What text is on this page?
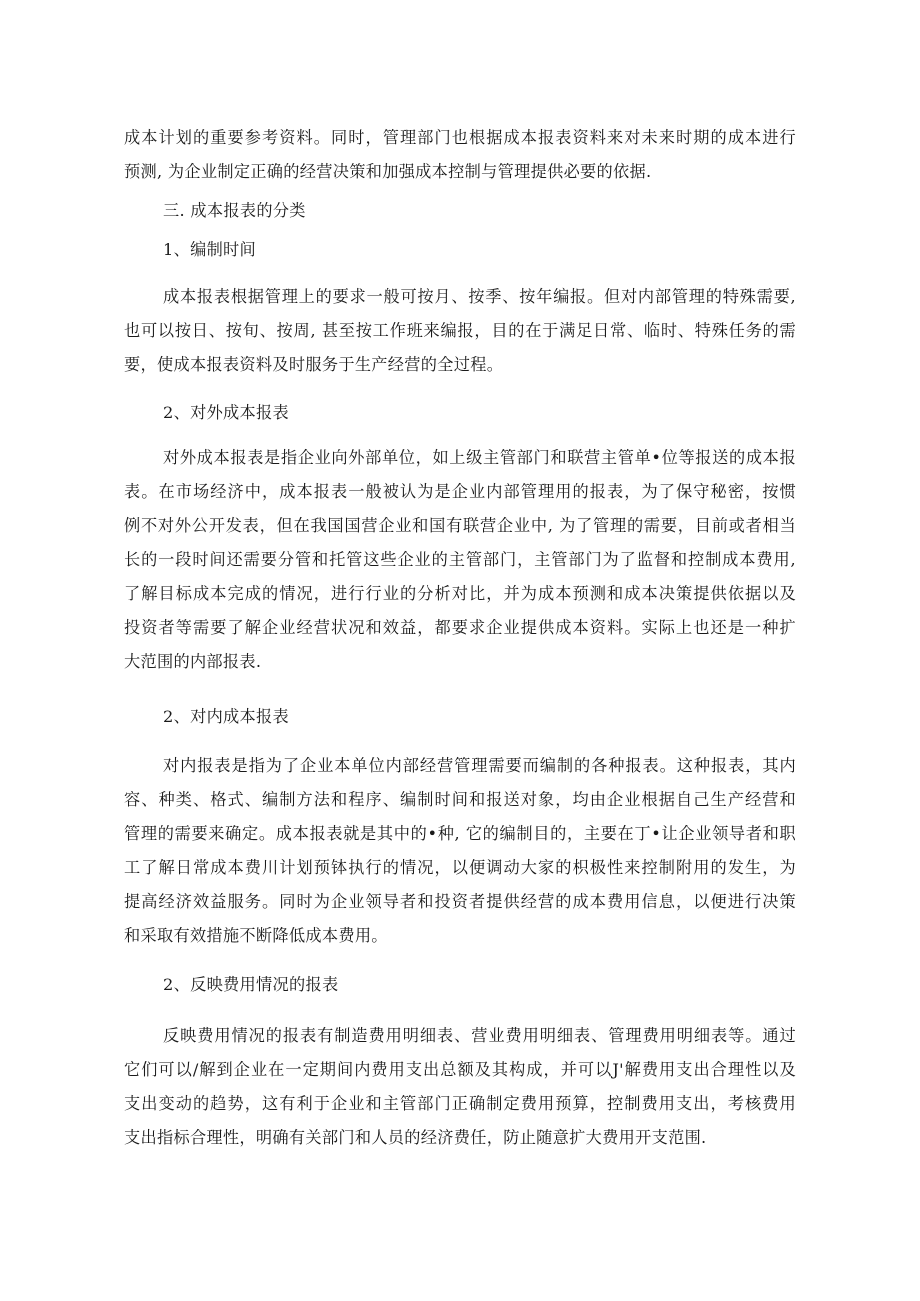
成本计划的重要参考资料。同时，管理部门也根据成本报表资料来对未来时期的成本进行
预测, 为企业制定正确的经营决策和加强成本控制与管理提供必要的依据.
三. 成本报表的分类
1、编制时间
成本报表根据管理上的要求一般可按月、按季、按年编报。但对内部管理的特殊需要,
也可以按日、按旬、按周, 甚至按工作班来编报，目的在于满足日常、临时、特殊任务的需
要，使成本报表资料及时服务于生产经营的全过程。
2、对外成本报表
对外成本报表是指企业向外部单位，如上级主管部门和联营主管单•位等报送的成本报
表。在市场经济中，成本报表一般被认为是企业内部管理用的报表，为了保守秘密，按惯
例不对外公开发表，但在我国国营企业和国有联营企业中, 为了管理的需要，目前或者相当
长的一段时间还需要分管和托管这些企业的主管部门，主管部门为了监督和控制成本费用,
了解目标成本完成的情况，进行行业的分析对比，并为成本预测和成本决策提供依据以及
投资者等需要了解企业经营状况和效益，都要求企业提供成本资料。实际上也还是一种扩
大范围的内部报表.
2、对内成本报表
对内报表是指为了企业本单位内部经营管理需要而编制的各种报表。这种报表，其内
容、种类、格式、编制方法和程序、编制时间和报送对象，均由企业根据自己生产经营和
管理的需要来确定。成本报表就是其中的•种, 它的编制目的，主要在丁•让企业领导者和职
工了解日常成本费川计划预钵执行的情况，以便调动大家的枳极性来控制附用的发生，为
提高经济效益服务。同时为企业领导者和投资者提供经营的成本费用信息，以便进行决策
和采取有效措施不断降低成本费用。
2、反映费用情况的报表
反映费用情况的报表有制造费用明细表、营业费用明细表、管理费用明细表等。通过
它们可以/解到企业在一定期间内费用支出总额及其构成，并可以J'解费用支出合理性以及
支出变动的趋势，这有利于企业和主管部门正确制定费用预算，控制费用支出，考核费用
支出指标合理性，明确有关部门和人员的经济费任，防止随意扩大费用开支范围.
